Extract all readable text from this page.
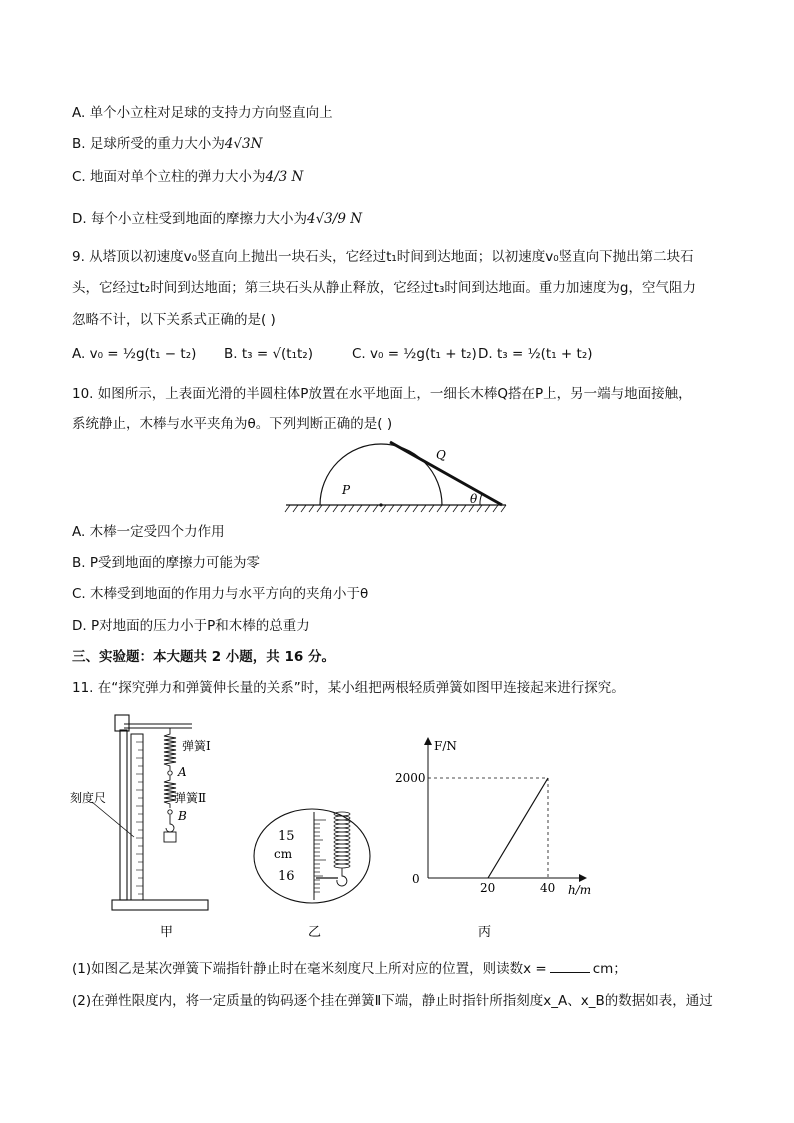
A. 单个小立柱对足球的支持力方向竖直向上
B. 足球所受的重力大小为4√3N
C. 地面对单个立柱的弹力大小为4/3 N
D. 每个小立柱受到地面的摩擦力大小为4√3/9 N
9. 从塔顶以初速度v₀竖直向上抛出一块石头，它经过t₁时间到达地面；以初速度v₀竖直向下抛出第二块石
头，它经过t₂时间到达地面；第三块石头从静止释放，它经过t₃时间到达地面。重力加速度为g，空气阻力
忽略不计，以下关系式正确的是( )
A. v₀ = ½g(t₁ − t₂) B. t₃ = √(t₁t₂)	C. v₀ = ½g(t₁ + t₂) D. t₃ = ½(t₁ + t₂)
10. 如图所示，上表面光滑的半圆柱体P放置在水平地面上，一细长木棒Q搭在P上，另一端与地面接触，
系统静止，木棒与水平夹角为θ。下列判断正确的是( )
P
Q
θ
A. 木棒一定受四个力作用
B. P受到地面的摩擦力可能为零
C. 木棒受到地面的作用力与水平方向的夹角小于θ
D. P对地面的压力小于P和木棒的总重力
三、实验题：本大题共 2 小题，共 16 分。
11. 在“探究弹力和弹簧伸长量的关系”时，某小组把两根轻质弹簧如图甲连接起来进行探究。
弹簧Ⅰ
A
弹簧Ⅱ
B
刻度尺
甲
15
cm
16
乙
F/N
h/m
2000
0
20	40
丙
(1)如图乙是某次弹簧下端指针静止时在毫米刻度尺上所对应的位置，则读数x =	cm；
(2)在弹性限度内，将一定质量的钩码逐个挂在弹簧Ⅱ下端，静止时指针所指刻度x_A、x_B的数据如表，通过
